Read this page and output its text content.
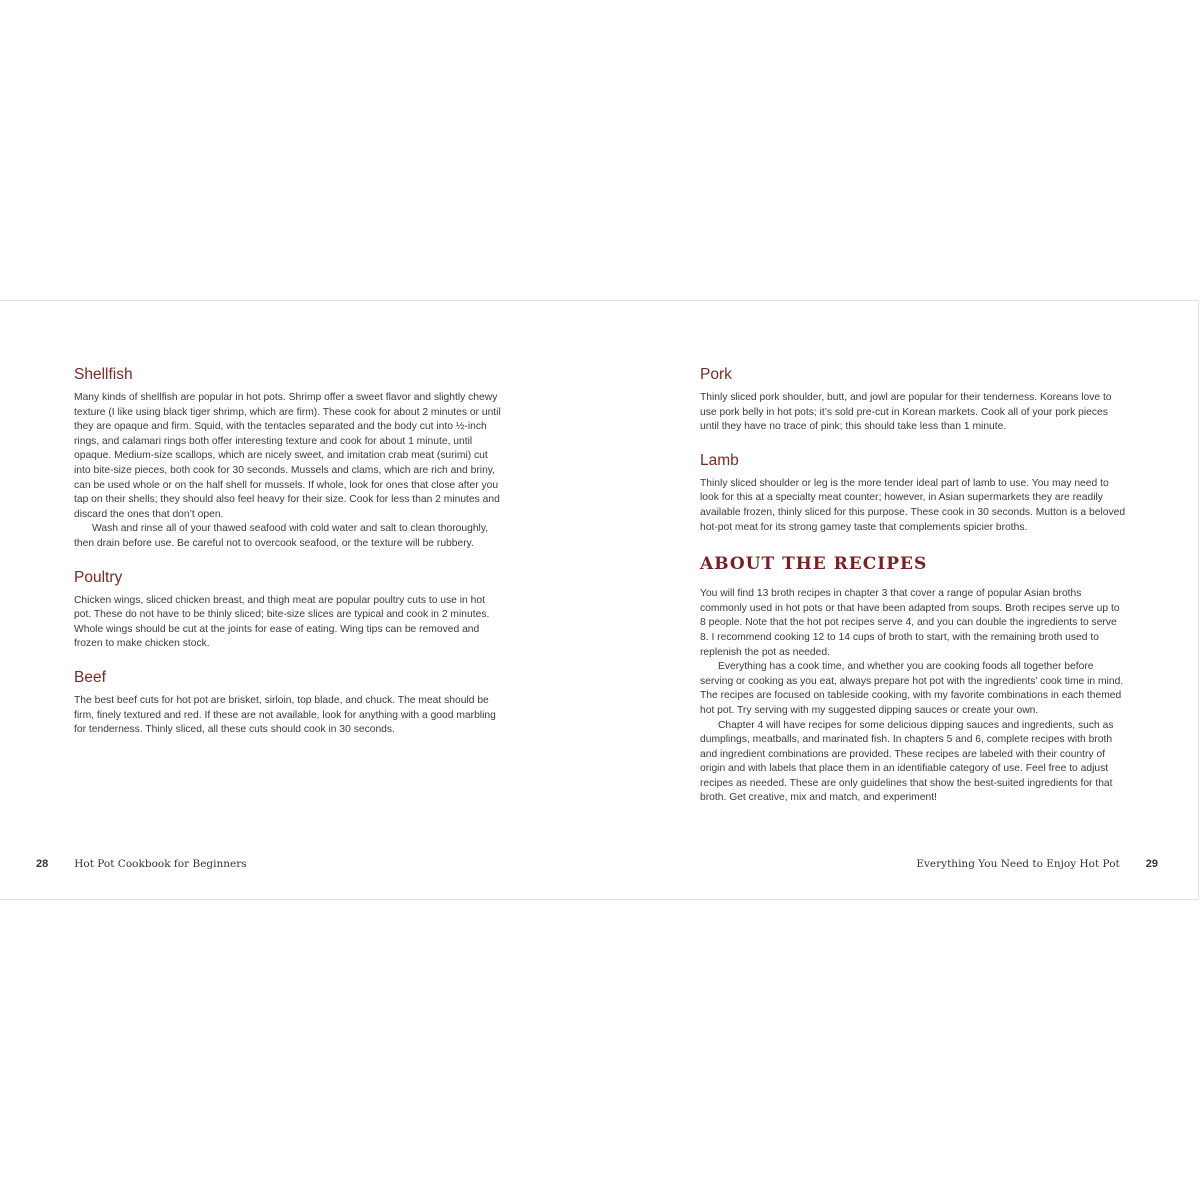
Shellfish

Many kinds of shellfish are popular in hot pots. Shrimp offer a sweet flavor and slightly chewy texture (I like using black tiger shrimp, which are firm). These cook for about 2 minutes or until they are opaque and firm. Squid, with the tentacles separated and the body cut into ½-inch rings, and calamari rings both offer interesting texture and cook for about 1 minute, until opaque. Medium-size scallops, which are nicely sweet, and imitation crab meat (surimi) cut into bite-size pieces, both cook for 30 seconds. Mussels and clams, which are rich and briny, can be used whole or on the half shell for mussels. If whole, look for ones that close after you tap on their shells; they should also feel heavy for their size. Cook for less than 2 minutes and discard the ones that don’t open.

Wash and rinse all of your thawed seafood with cold water and salt to clean thoroughly, then drain before use. Be careful not to overcook seafood, or the texture will be rubbery.

Poultry

Chicken wings, sliced chicken breast, and thigh meat are popular poultry cuts to use in hot pot. These do not have to be thinly sliced; bite-size slices are typical and cook in 2 minutes. Whole wings should be cut at the joints for ease of eating. Wing tips can be removed and frozen to make chicken stock.

Beef

The best beef cuts for hot pot are brisket, sirloin, top blade, and chuck. The meat should be firm, finely textured and red. If these are not available, look for anything with a good marbling for tenderness. Thinly sliced, all these cuts should cook in 30 seconds.

28 Hot Pot Cookbook for Beginners
Pork

Thinly sliced pork shoulder, butt, and jowl are popular for their tenderness. Koreans love to use pork belly in hot pots; it’s sold pre-cut in Korean markets. Cook all of your pork pieces until they have no trace of pink; this should take less than 1 minute.

Lamb

Thinly sliced shoulder or leg is the more tender ideal part of lamb to use. You may need to look for this at a specialty meat counter; however, in Asian supermarkets they are readily available frozen, thinly sliced for this purpose. These cook in 30 seconds. Mutton is a beloved hot-pot meat for its strong gamey taste that complements spicier broths.

ABOUT THE RECIPES

You will find 13 broth recipes in chapter 3 that cover a range of popular Asian broths commonly used in hot pots or that have been adapted from soups. Broth recipes serve up to 8 people. Note that the hot pot recipes serve 4, and you can double the ingredients to serve 8. I recommend cooking 12 to 14 cups of broth to start, with the remaining broth used to replenish the pot as needed.

Everything has a cook time, and whether you are cooking foods all together before serving or cooking as you eat, always prepare hot pot with the ingredients’ cook time in mind. The recipes are focused on tableside cooking, with my favorite combinations in each themed hot pot. Try serving with my suggested dipping sauces or create your own.

Chapter 4 will have recipes for some delicious dipping sauces and ingredients, such as dumplings, meatballs, and marinated fish. In chapters 5 and 6, complete recipes with broth and ingredient combinations are provided. These recipes are labeled with their country of origin and with labels that place them in an identifiable category of use. Feel free to adjust recipes as needed. These are only guidelines that show the best-suited ingredients for that broth. Get creative, mix and match, and experiment!

Everything You Need to Enjoy Hot Pot 29
